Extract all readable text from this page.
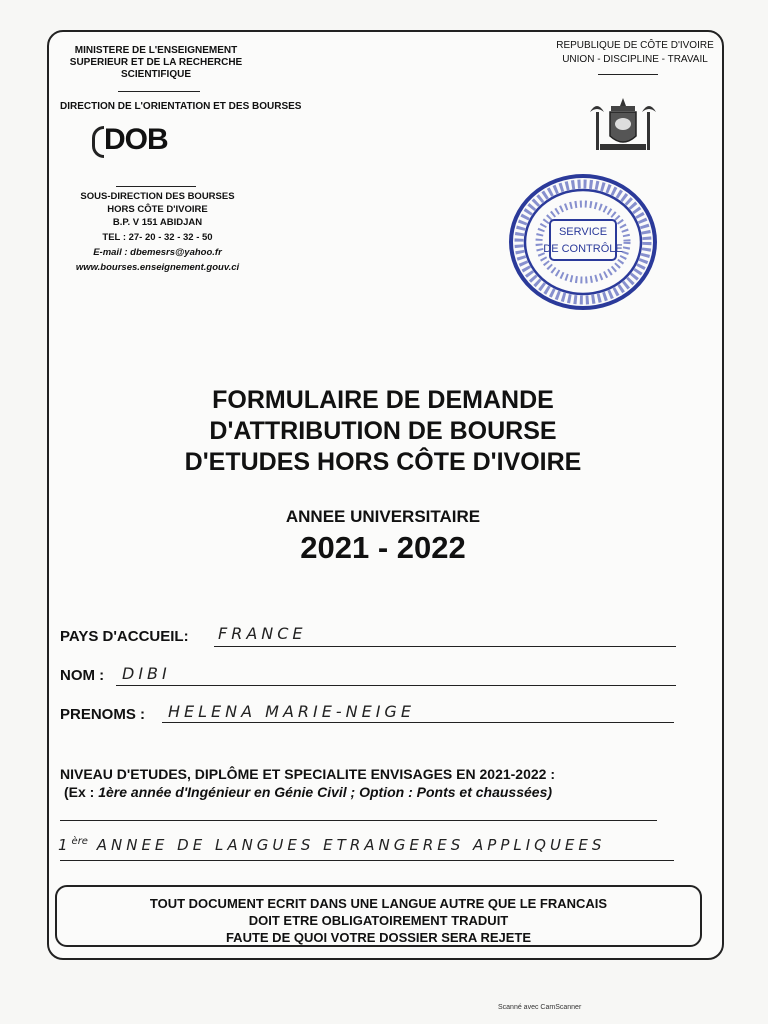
MINISTERE DE L'ENSEIGNEMENT
SUPERIEUR ET DE LA RECHERCHE
SCIENTIFIQUE
DIRECTION DE L'ORIENTATION ET DES BOURSES
DOB
SOUS-DIRECTION DES BOURSES
HORS CÔTE D'IVOIRE
B.P. V 151 ABIDJAN
TEL : 27- 20 - 32 - 32 - 50
E-mail : dbemesrs@yahoo.fr
www.bourses.enseignement.gouv.ci
REPUBLIQUE DE CÔTE D'IVOIRE
UNION - DISCIPLINE - TRAVAIL
SERVICE
DE CONTRÔLE
FORMULAIRE DE DEMANDE
D'ATTRIBUTION DE BOURSE
D'ETUDES HORS CÔTE D'IVOIRE
ANNEE UNIVERSITAIRE
2021 - 2022
PAYS D'ACCUEIL: FRANCE
NOM : DIBI
PRENOMS : HELENA MARIE-NEIGE
NIVEAU D'ETUDES, DIPLÔME ET SPECIALITE ENVISAGES EN 2021-2022 :
(Ex : 1ère année d'Ingénieur en Génie Civil ; Option : Ponts et chaussées)
1ère ANNEE DE LANGUES ETRANGERES APPLIQUEES
TOUT DOCUMENT ECRIT DANS UNE LANGUE AUTRE QUE LE FRANCAIS
DOIT ETRE OBLIGATOIREMENT TRADUIT
FAUTE DE QUOI VOTRE DOSSIER SERA REJETE
Scanné avec CamScanner
